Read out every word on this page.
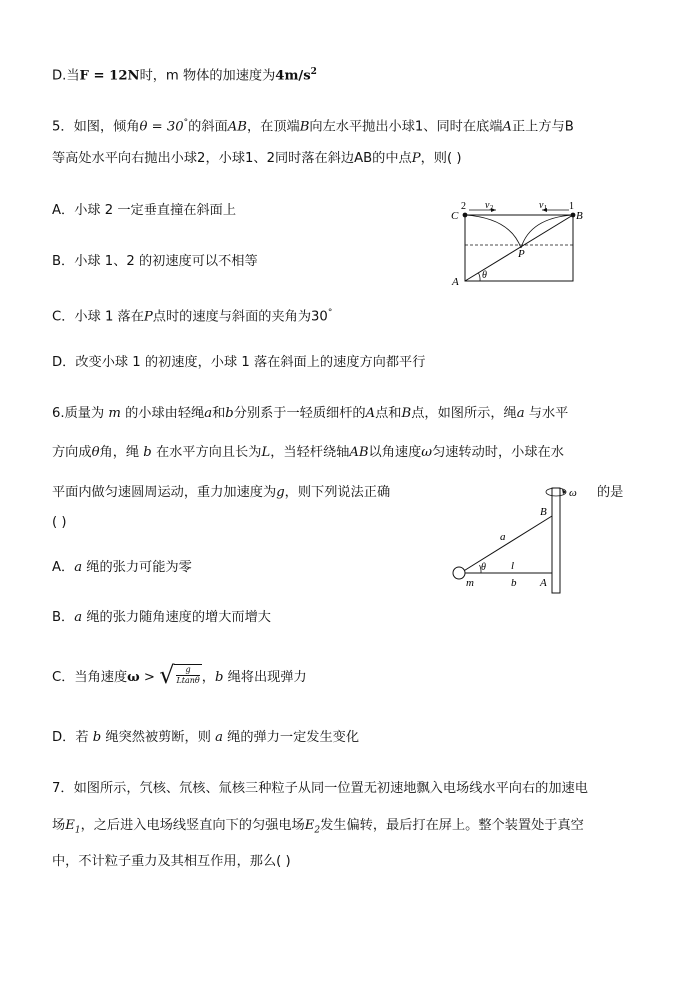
D.当F = 12N时，m 物体的加速度为$4m/s^2$
5．如图，倾角θ = 30°的斜面AB，在顶端B向左水平抛出小球1、同时在底端A正上方与B
等高处水平向右抛出小球2，小球1、2同时落在斜边AB的中点P，则( )
A．小球 2 一定垂直撞在斜面上
B．小球 1、2 的初速度可以不相等
C．小球 1 落在P点时的速度与斜面的夹角为30°
D．改变小球 1 的初速度，小球 1 落在斜面上的速度方向都平行
C
2 $v_2$	$v_1$ 1
B
P
A
θ
6.质量为 m 的小球由轻绳a和b分别系于一轻质细杆的A点和B点，如图所示，绳a 与水平
方向成θ角，绳 b 在水平方向且长为L，当轻杆绕轴AB以角速度ω匀速转动时，小球在水
平面内做匀速圆周运动，重力加速度为g，则下列说法正确	的是
( )
A．a 绳的张力可能为零
B．a 绳的张力随角速度的增大而增大
C．当角速度ω > √ $\frac{g}{Ltan\theta}$ ，b 绳将出现弹力
D．若 b 绳突然被剪断，则 a 绳的弹力一定发生变化
ω
B
a
θ l
m	b A
7．如图所示，氕核、氘核、氚核三种粒子从同一位置无初速地飘入电场线水平向右的加速电
场$E_1$，之后进入电场线竖直向下的匀强电场$E_2$发生偏转，最后打在屏上。整个装置处于真空
中，不计粒子重力及其相互作用，那么( )
